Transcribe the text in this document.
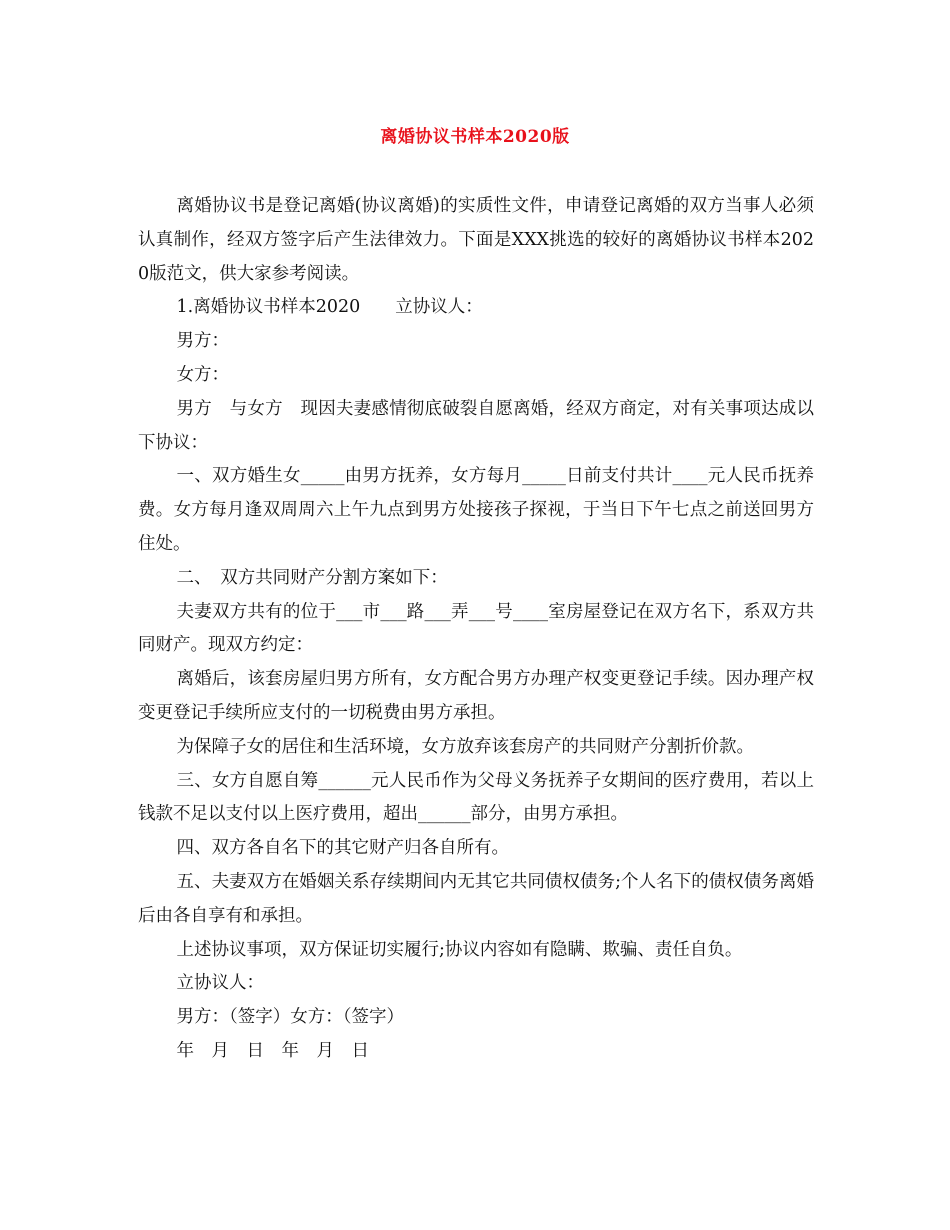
离婚协议书样本2020版

离婚协议书是登记离婚(协议离婚)的实质性文件，申请登记离婚的双方当事人必须认真制作，经双方签字后产生法律效力。下面是XXX挑选的较好的离婚协议书样本2020版范文，供大家参考阅读。

1.离婚协议书样本2020　　立协议人：

男方：

女方：

男方　与女方　现因夫妻感情彻底破裂自愿离婚，经双方商定，对有关事项达成以下协议：

一、双方婚生女_____由男方抚养，女方每月_____日前支付共计____元人民币抚养费。女方每月逢双周周六上午九点到男方处接孩子探视，于当日下午七点之前送回男方住处。

二、　双方共同财产分割方案如下：

夫妻双方共有的位于___市___路___弄___号____室房屋登记在双方名下，系双方共同财产。现双方约定：

离婚后，该套房屋归男方所有，女方配合男方办理产权变更登记手续。因办理产权变更登记手续所应支付的一切税费由男方承担。

为保障子女的居住和生活环境，女方放弃该套房产的共同财产分割折价款。

三、女方自愿自筹______元人民币作为父母义务抚养子女期间的医疗费用，若以上钱款不足以支付以上医疗费用，超出______部分，由男方承担。

四、双方各自名下的其它财产归各自所有。

五、夫妻双方在婚姻关系存续期间内无其它共同债权债务;个人名下的债权债务离婚后由各自享有和承担。

上述协议事项，双方保证切实履行;协议内容如有隐瞒、欺骗、责任自负。

立协议人：

男方：（签字）女方：（签字）

年　月　日　年　月　日
